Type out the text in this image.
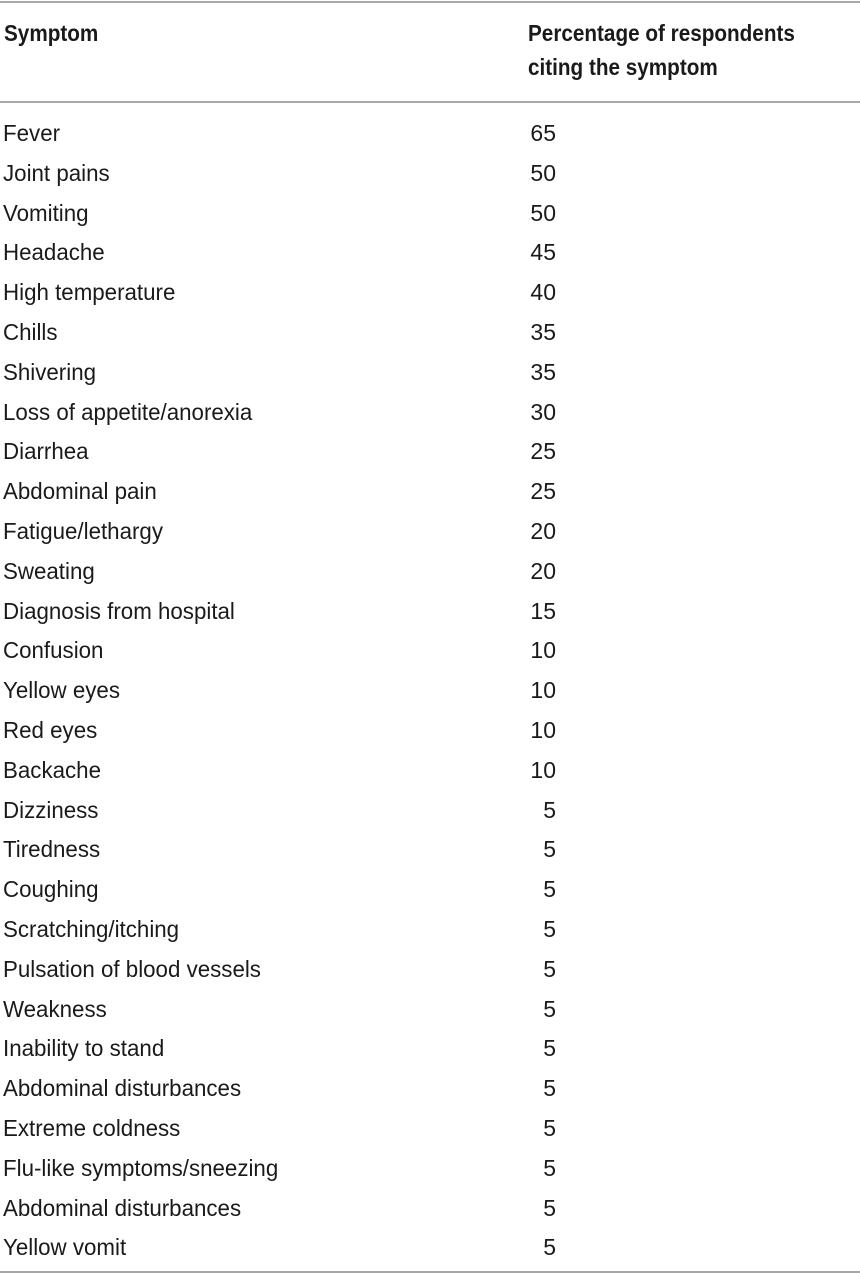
Symptom	Percentage of respondents
citing the symptom
Fever	65
Joint pains	50
Vomiting	50
Headache	45
High temperature	40
Chills	35
Shivering	35
Loss of appetite/anorexia	30
Diarrhea	25
Abdominal pain	25
Fatigue/lethargy	20
Sweating	20
Diagnosis from hospital	15
Confusion	10
Yellow eyes	10
Red eyes	10
Backache	10
Dizziness	5
Tiredness	5
Coughing	5
Scratching/itching	5
Pulsation of blood vessels	5
Weakness	5
Inability to stand	5
Abdominal disturbances	5
Extreme coldness	5
Flu-like symptoms/sneezing	5
Abdominal disturbances	5
Yellow vomit	5
